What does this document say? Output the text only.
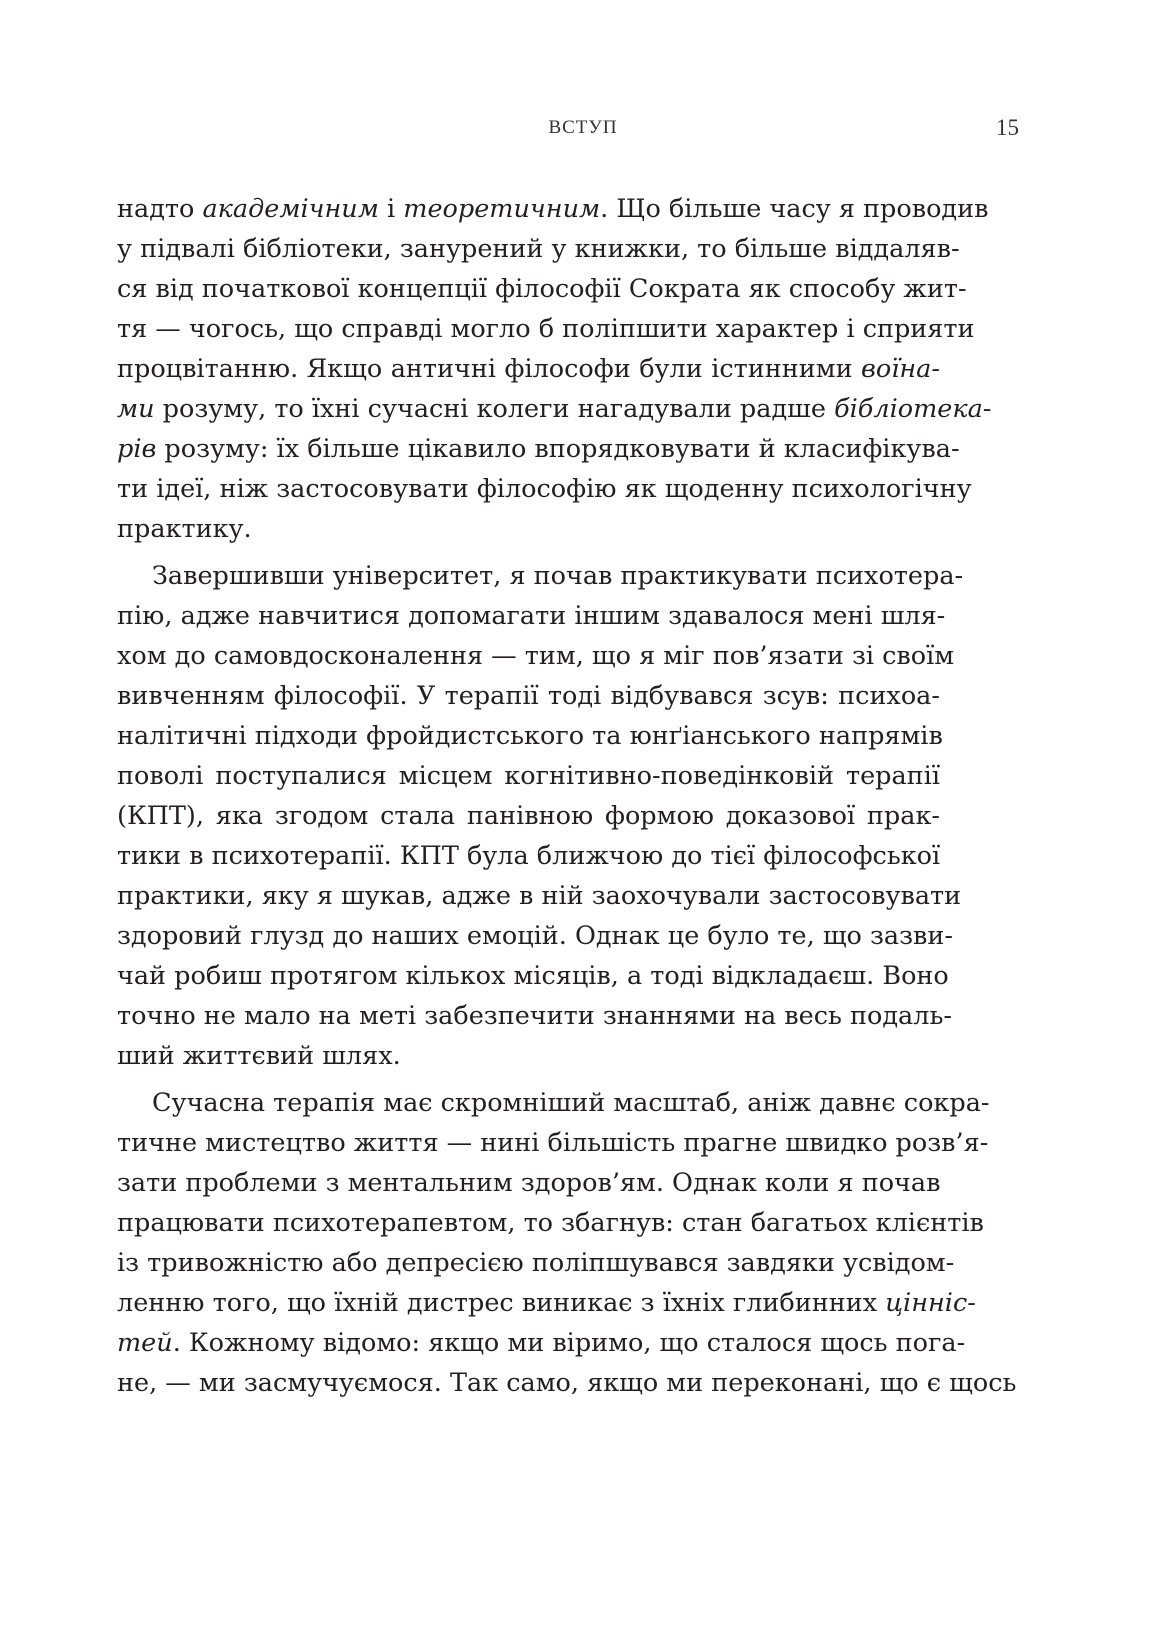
ВСТУП	15
надто академічним і теоретичним. Що більше часу я проводив
у підвалі бібліотеки, занурений у книжки, то більше віддаляв-
ся від початкової концепції філософії Сократа як способу жит-
тя — чогось, що справді могло б поліпшити характер і сприяти
процвітанню. Якщо античні філософи були істинними воїна-
ми розуму, то їхні сучасні колеги нагадували радше бібліотека-
рів розуму: їх більше цікавило впорядковувати й класифікува-
ти ідеї, ніж застосовувати філософію як щоденну психологічну
практику.
Завершивши університет, я почав практикувати психотера-
пію, адже навчитися допомагати іншим здавалося мені шля-
хом до самовдосконалення — тим, що я міг пов’язати зі своїм
вивченням філософії. У терапії тоді відбувався зсув: психоа-
налітичні підходи фройдистського та юнґіанського напрямів
поволі поступалися місцем когнітивно-поведінковій терапії
(КПТ), яка згодом стала панівною формою доказової прак-
тики в психотерапії. КПТ була ближчою до тієї філософської
практики, яку я шукав, адже в ній заохочували застосовувати
здоровий глузд до наших емоцій. Однак це було те, що зазви-
чай робиш протягом кількох місяців, а тоді відкладаєш. Воно
точно не мало на меті забезпечити знаннями на весь подаль-
ший життєвий шлях.
Сучасна терапія має скромніший масштаб, аніж давнє сокра-
тичне мистецтво життя — нині більшість прагне швидко розв’я-
зати проблеми з ментальним здоров’ям. Однак коли я почав
працювати психотерапевтом, то збагнув: стан багатьох клієнтів
із тривожністю або депресією поліпшувався завдяки усвідом-
ленню того, що їхній дистрес виникає з їхніх глибинних цінніс-
тей. Кожному відомо: якщо ми віримо, що сталося щось пога-
не, — ми засмучуємося. Так само, якщо ми переконані, що є щось
